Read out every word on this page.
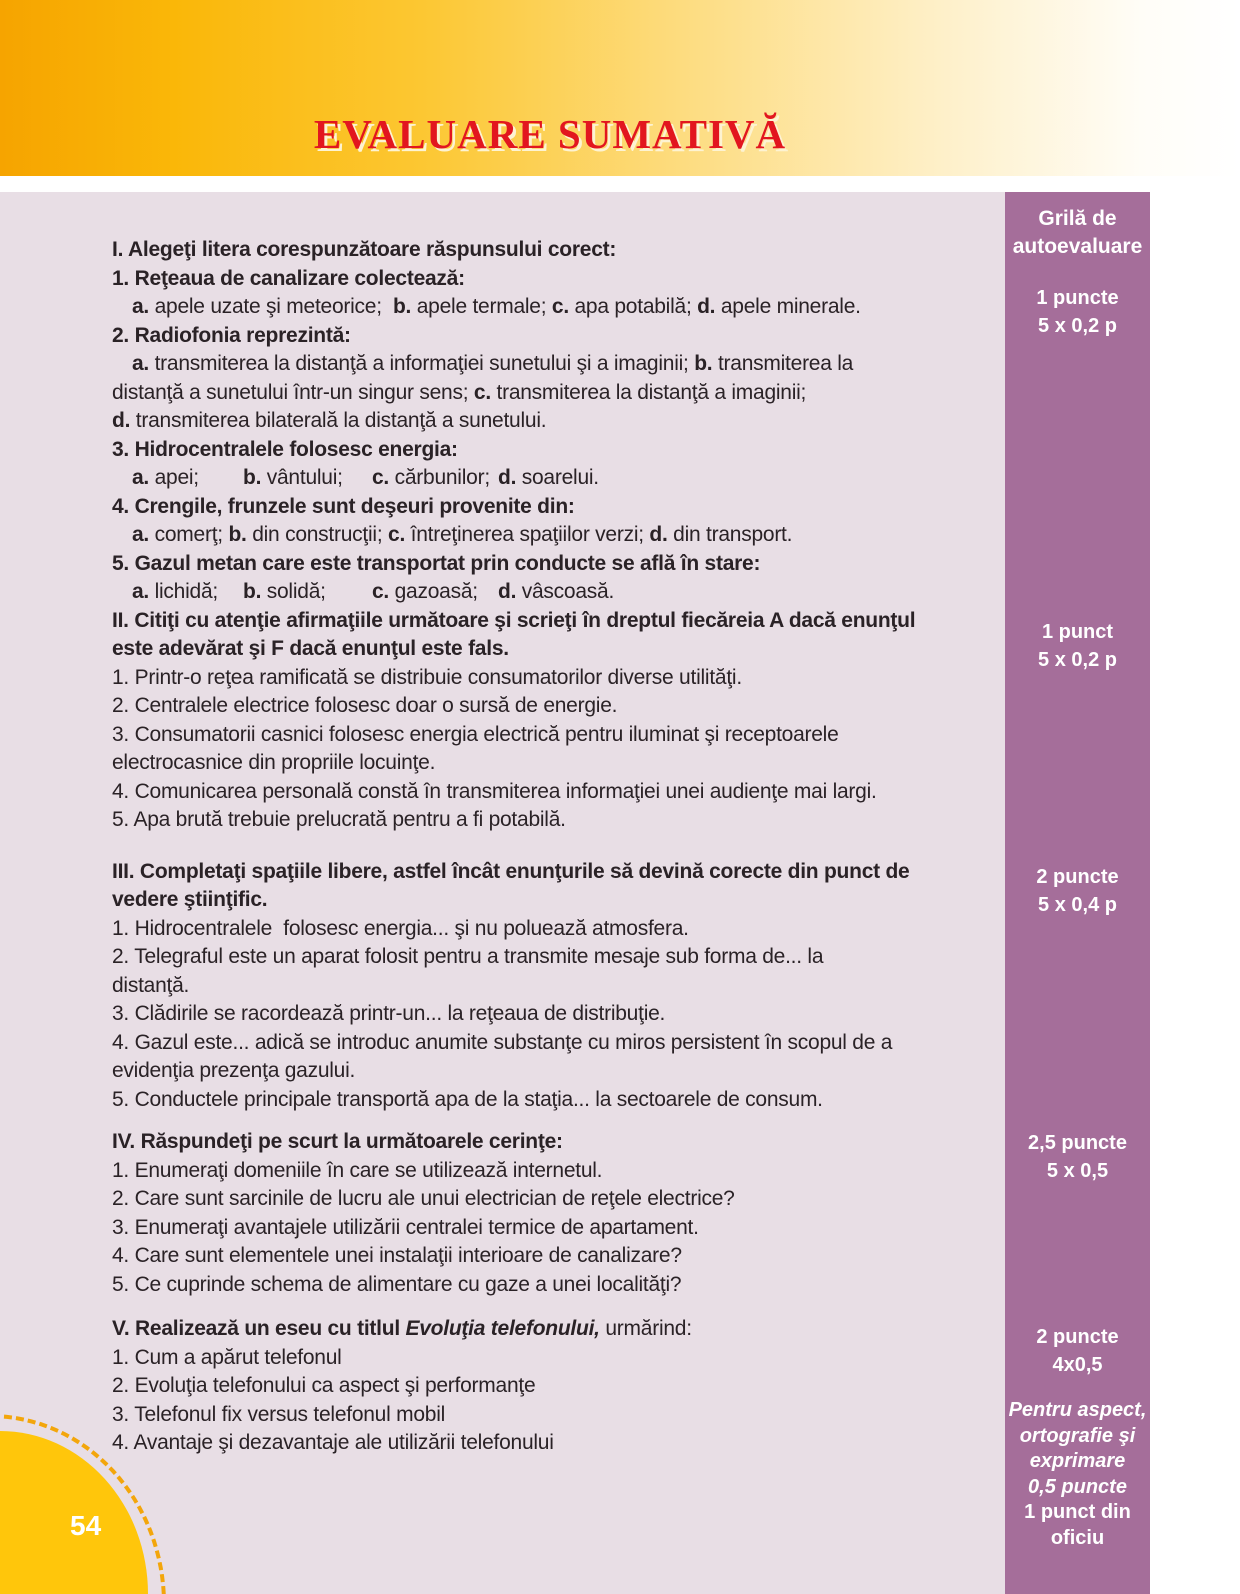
EVALUARE SUMATIVĂ
I. Alegeţi litera corespunzătoare răspunsului corect:
1. Reţeaua de canalizare colectează:
a. apele uzate şi meteorice;  b. apele termale; c. apa potabilă; d. apele minerale.
2. Radiofonia reprezintă:
a. transmiterea la distanţă a informaţiei sunetului şi a imaginii; b. transmiterea la
distanţă a sunetului într-un singur sens; c. transmiterea la distanţă a imaginii;
d. transmiterea bilaterală la distanţă a sunetului.
3. Hidrocentralele folosesc energia:
a. apei; b. vântului; c. cărbunilor; d. soarelui.
4. Crengile, frunzele sunt deşeuri provenite din:
a. comerţ; b. din construcţii; c. întreţinerea spaţiilor verzi; d. din transport.
5. Gazul metan care este transportat prin conducte se află în stare:
a. lichidă; b. solidă; c. gazoasă; d. vâscoasă.
II. Citiţi cu atenţie afirmaţiile următoare şi scrieţi în dreptul fiecăreia A dacă enunţul
este adevărat şi F dacă enunţul este fals.
1. Printr-o reţea ramificată se distribuie consumatorilor diverse utilităţi.
2. Centralele electrice folosesc doar o sursă de energie.
3. Consumatorii casnici folosesc energia electrică pentru iluminat şi receptoarele
electrocasnice din propriile locuinţe.
4. Comunicarea personală constă în transmiterea informaţiei unei audienţe mai largi.
5. Apa brută trebuie prelucrată pentru a fi potabilă.
III. Completaţi spaţiile libere, astfel încât enunţurile să devină corecte din punct de
vedere ştiinţific.
1. Hidrocentralele  folosesc energia... şi nu poluează atmosfera.
2. Telegraful este un aparat folosit pentru a transmite mesaje sub forma de... la
distanţă.
3. Clădirile se racordează printr-un... la reţeaua de distribuţie.
4. Gazul este... adică se introduc anumite substanţe cu miros persistent în scopul de a
evidenţia prezenţa gazului.
5. Conductele principale transportă apa de la staţia... la sectoarele de consum.
IV. Răspundeţi pe scurt la următoarele cerinţe:
1. Enumeraţi domeniile în care se utilizează internetul.
2. Care sunt sarcinile de lucru ale unui electrician de reţele electrice?
3. Enumeraţi avantajele utilizării centralei termice de apartament.
4. Care sunt elementele unei instalaţii interioare de canalizare?
5. Ce cuprinde schema de alimentare cu gaze a unei localităţi?
V. Realizează un eseu cu titlul Evoluţia telefonului, urmărind:
1. Cum a apărut telefonul
2. Evoluţia telefonului ca aspect şi performanţe
3. Telefonul fix versus telefonul mobil
4. Avantaje şi dezavantaje ale utilizării telefonului
Grilă de
autoevaluare
1 puncte
5 x 0,2 p
1 punct
5 x 0,2 p
2 puncte
5 x 0,4 p
2,5 puncte
5 x 0,5
2 puncte
4x0,5
Pentru aspect,
ortografie şi
exprimare
0,5 puncte
1 punct din
oficiu
54
